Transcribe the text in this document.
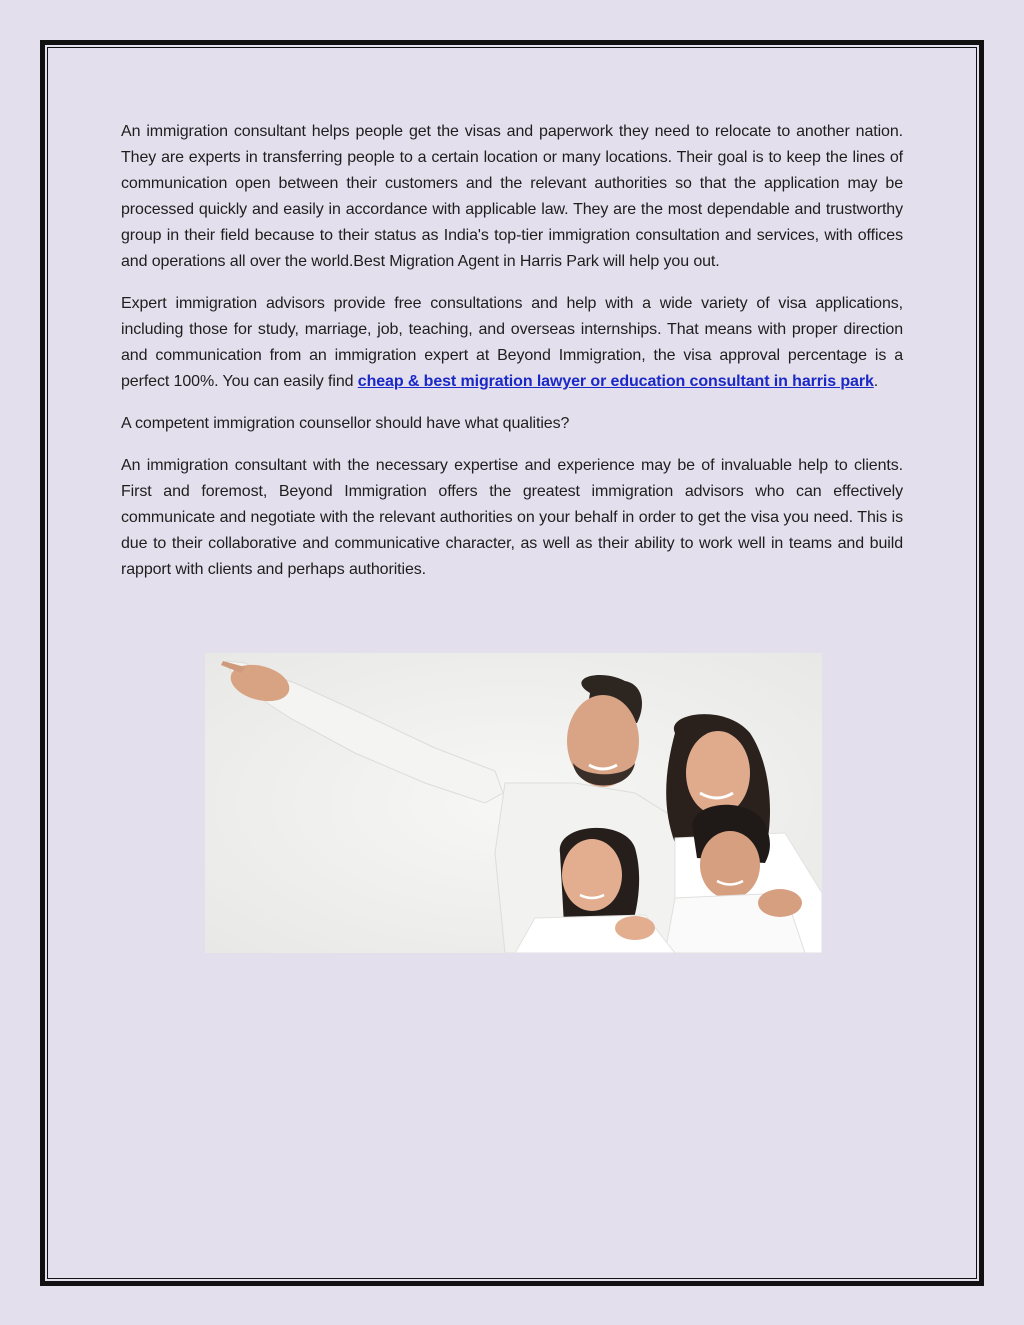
An immigration consultant helps people get the visas and paperwork they need to relocate to another nation. They are experts in transferring people to a certain location or many locations. Their goal is to keep the lines of communication open between their customers and the relevant authorities so that the application may be processed quickly and easily in accordance with applicable law. They are the most dependable and trustworthy group in their field because to their status as India's top-tier immigration consultation and services, with offices and operations all over the world.Best Migration Agent in Harris Park will help you out.

Expert immigration advisors provide free consultations and help with a wide variety of visa applications, including those for study, marriage, job, teaching, and overseas internships. That means with proper direction and communication from an immigration expert at Beyond Immigration, the visa approval percentage is a perfect 100%. You can easily find cheap & best migration lawyer or education consultant in harris park.

A competent immigration counsellor should have what qualities?

An immigration consultant with the necessary expertise and experience may be of invaluable help to clients. First and foremost, Beyond Immigration offers the greatest immigration advisors who can effectively communicate and negotiate with the relevant authorities on your behalf in order to get the visa you need. This is due to their collaborative and communicative character, as well as their ability to work well in teams and build rapport with clients and perhaps authorities.
